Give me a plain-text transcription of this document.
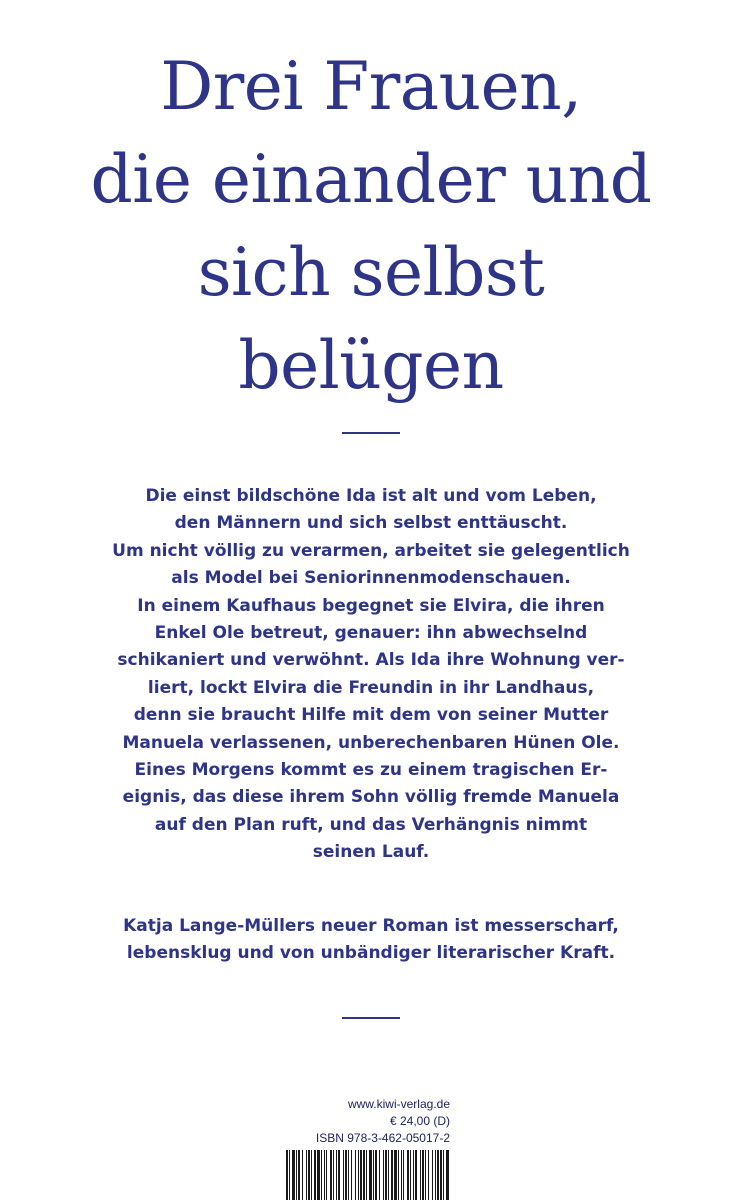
Drei Frauen,
die einander und
sich selbst
belügen
Die einst bildschöne Ida ist alt und vom Leben,
den Männern und sich selbst enttäuscht.
Um nicht völlig zu verarmen, arbeitet sie gelegentlich
als Model bei Seniorinnenmodenschauen.
In einem Kaufhaus begegnet sie Elvira, die ihren
Enkel Ole betreut, genauer: ihn abwechselnd
schikaniert und verwöhnt. Als Ida ihre Wohnung ver-
liert, lockt Elvira die Freundin in ihr Landhaus,
denn sie braucht Hilfe mit dem von seiner Mutter
Manuela verlassenen, unberechenbaren Hünen Ole.
Eines Morgens kommt es zu einem tragischen Er-
eignis, das diese ihrem Sohn völlig fremde Manuela
auf den Plan ruft, und das Verhängnis nimmt
seinen Lauf.
Katja Lange-Müllers neuer Roman ist messerscharf,
lebensklug und von unbändiger literarischer Kraft.
www.kiwi-verlag.de
€ 24,00 (D)
ISBN 978-3-462-05017-2
